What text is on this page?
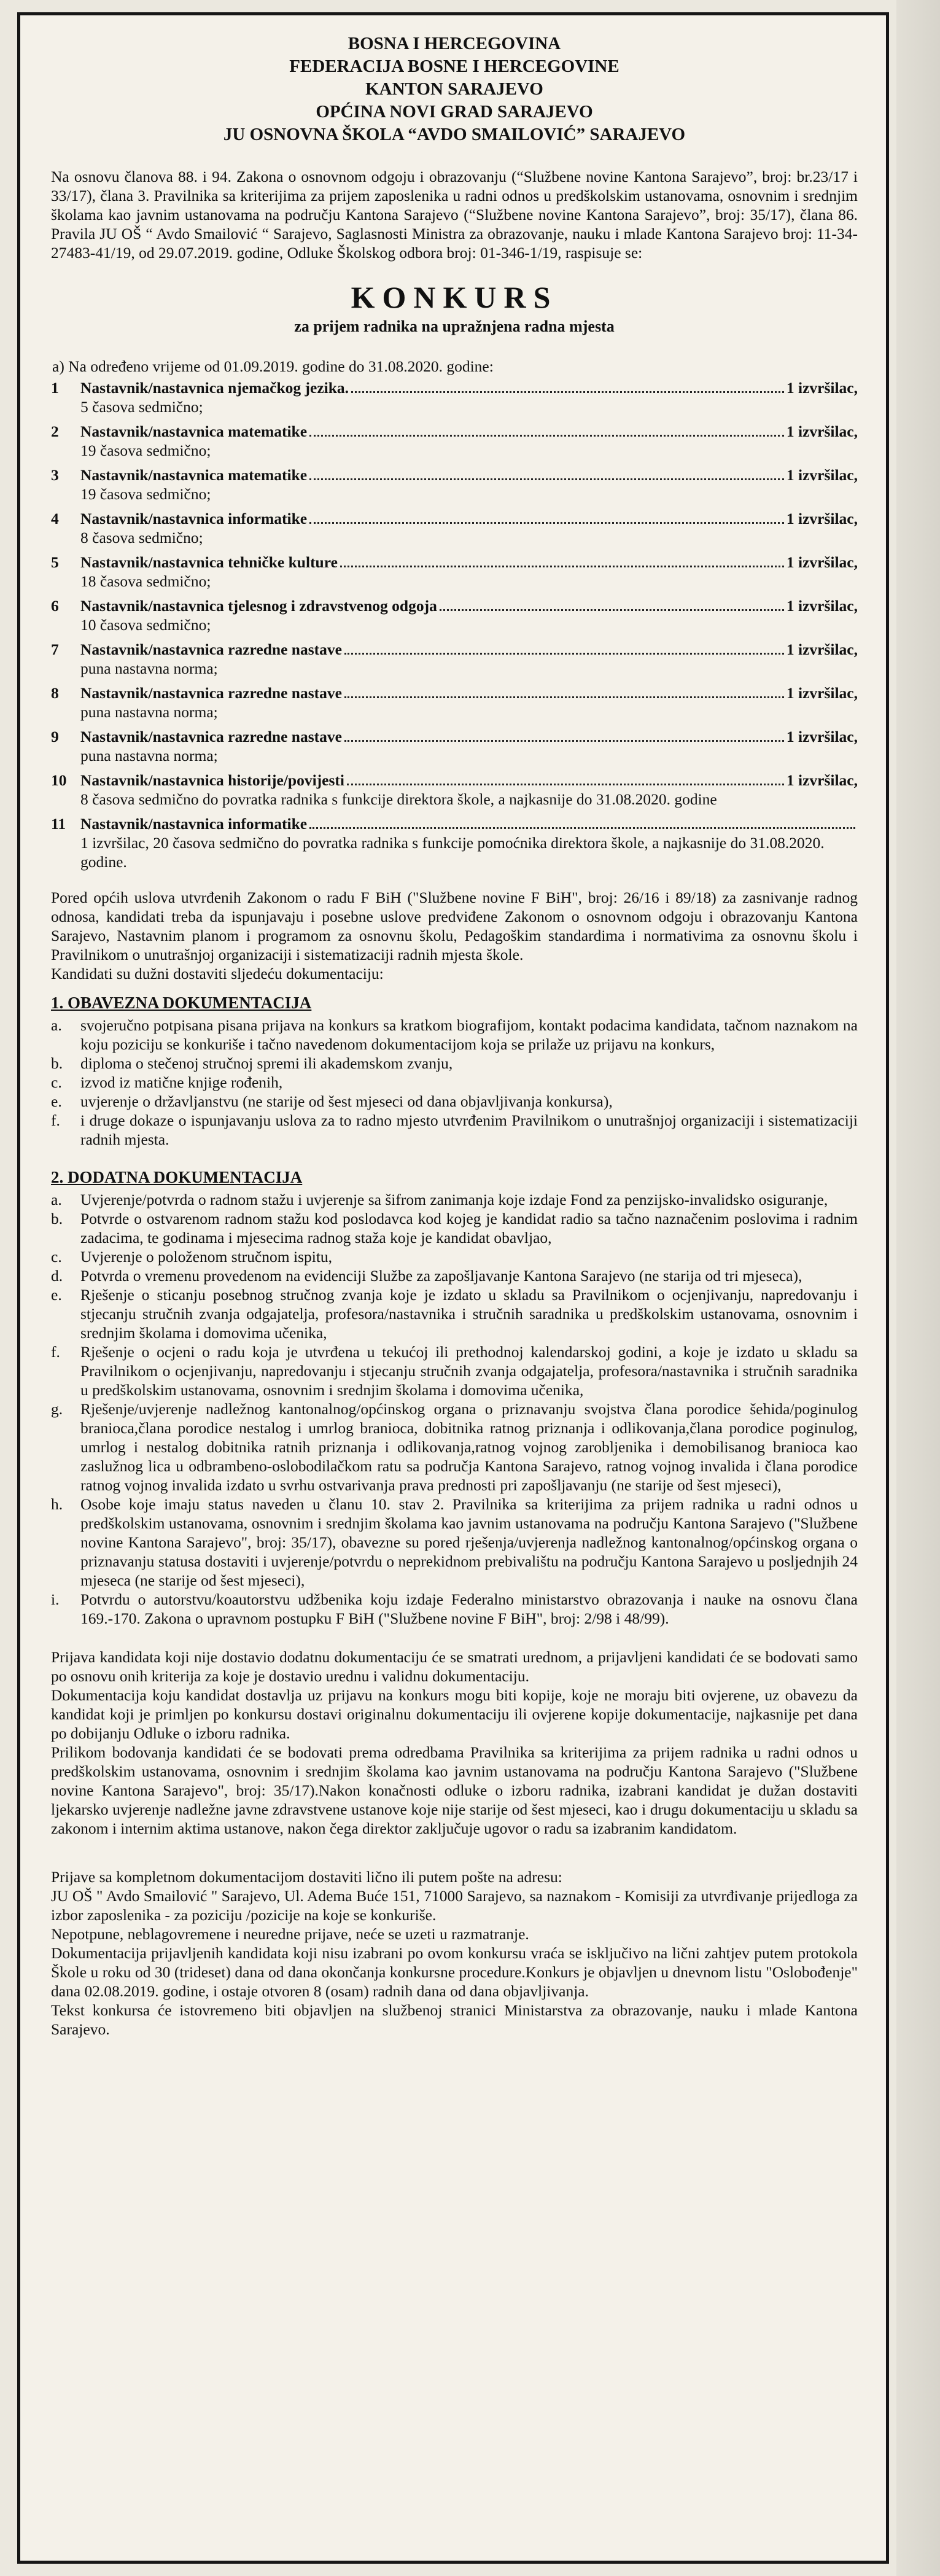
BOSNA I HERCEGOVINA
FEDERACIJA BOSNE I HERCEGOVINE
KANTON SARAJEVO
OPĆINA NOVI GRAD SARAJEVO
JU OSNOVNA ŠKOLA “AVDO SMAILOVIĆ” SARAJEVO

Na osnovu članova 88. i 94. Zakona o osnovnom odgoju i obrazovanju (“Službene novine Kantona Sarajevo”, broj: br.23/17 i 33/17), člana 3. Pravilnika sa kriterijima za prijem zaposlenika u radni odnos u predškolskim ustanovama, osnovnim i srednjim školama kao javnim ustanovama na području Kantona Sarajevo (“Službene novine Kantona Sarajevo”, broj: 35/17), člana 86. Pravila JU OŠ “ Avdo Smailović “ Sarajevo, Saglasnosti Ministra za obrazovanje, nauku i mlade Kantona Sarajevo broj: 11-34-27483-41/19, od 29.07.2019. godine, Odluke Školskog odbora broj: 01-346-1/19, raspisuje se:

KONKURS
za prijem radnika na upražnjena radna mjesta
a) Na određeno vrijeme od 01.09.2019. godine do 31.08.2020. godine:
1	Nastavnik/nastavnica njemačkog jezika.	1 izvršilac,
5 časova sedmično;
2	Nastavnik/nastavnica matematike	1 izvršilac,
19 časova sedmično;
3	Nastavnik/nastavnica matematike	1 izvršilac,
19 časova sedmično;
4	Nastavnik/nastavnica informatike	1 izvršilac,
8 časova sedmično;
5	Nastavnik/nastavnica tehničke kulture	1 izvršilac,
18 časova sedmično;
6	Nastavnik/nastavnica tjelesnog i zdravstvenog odgoja	1 izvršilac,
10 časova sedmično;
7	Nastavnik/nastavnica razredne nastave	1 izvršilac,
puna nastavna norma;
8	Nastavnik/nastavnica razredne nastave	1 izvršilac,
puna nastavna norma;
9	Nastavnik/nastavnica razredne nastave	1 izvršilac,
puna nastavna norma;
10 Nastavnik/nastavnica historije/povijesti	1 izvršilac,
8 časova sedmično do povratka radnika s funkcije direktora škole, a najkasnije do 31.08.2020. godine
11 Nastavnik/nastavnica informatike
1 izvršilac, 20 časova sedmično do povratka radnika s funkcije pomoćnika direktora škole, a najkasnije do 31.08.2020. godine.

Pored općih uslova utvrđenih Zakonom o radu F BiH ("Službene novine F BiH", broj: 26/16 i 89/18) za zasnivanje radnog odnosa, kandidati treba da ispunjavaju i posebne uslove predviđene Zakonom o osnovnom odgoju i obrazovanju Kantona Sarajevo, Nastavnim planom i programom za osnovnu školu, Pedagoškim standardima i normativima za osnovnu školu i Pravilnikom o unutrašnjoj organizaciji i sistematizaciji radnih mjesta škole.

Kandidati su dužni dostaviti sljedeću dokumentaciju:

1. OBAVEZNA DOKUMENTACIJA
a.	svojeručno potpisana pisana prijava na konkurs sa kratkom biografijom, kontakt podacima kandidata, tačnom naznakom na koju poziciju se konkuriše i tačno navedenom dokumentacijom koja se prilaže uz prijavu na konkurs,
b.	diploma o stečenoj stručnoj spremi ili akademskom zvanju,
c.	izvod iz matične knjige rođenih,
e.	uvjerenje o državljanstvu (ne starije od šest mjeseci od dana objavljivanja konkursa),
f.	i druge dokaze o ispunjavanju uslova za to radno mjesto utvrđenim Pravilnikom o unutrašnjoj organizaciji i sistematizaciji radnih mjesta.
2. DODATNA DOKUMENTACIJA
a.	Uvjerenje/potvrda o radnom stažu i uvjerenje sa šifrom zanimanja koje izdaje Fond za penzijsko-invalidsko osiguranje,
b.	Potvrde o ostvarenom radnom stažu kod poslodavca kod kojeg je kandidat radio sa tačno naznačenim poslovima i radnim zadacima, te godinama i mjesecima radnog staža koje je kandidat obavljao,
c.	Uvjerenje o položenom stručnom ispitu,
d.	Potvrda o vremenu provedenom na evidenciji Službe za zapošljavanje Kantona Sarajevo (ne starija od tri mjeseca),
e.	Rješenje o sticanju posebnog stručnog zvanja koje je izdato u skladu sa Pravilnikom o ocjenjivanju, napredovanju i stjecanju stručnih zvanja odgajatelja, profesora/nastavnika i stručnih saradnika u predškolskim ustanovama, osnovnim i srednjim školama i domovima učenika,
f.	Rješenje o ocjeni o radu koja je utvrđena u tekućoj ili prethodnoj kalendarskoj godini, a koje je izdato u skladu sa Pravilnikom o ocjenjivanju, napredovanju i stjecanju stručnih zvanja odgajatelja, profesora/nastavnika i stručnih saradnika u predškolskim ustanovama, osnovnim i srednjim školama i domovima učenika,
g.	Rješenje/uvjerenje nadležnog kantonalnog/općinskog organa o priznavanju svojstva člana porodice šehida/poginulog branioca,člana porodice nestalog i umrlog branioca, dobitnika ratnog priznanja i odlikovanja,člana porodice poginulog, umrlog i nestalog dobitnika ratnih priznanja i odlikovanja,ratnog vojnog zarobljenika i demobilisanog branioca kao zaslužnog lica u odbrambeno-oslobodilačkom ratu sa područja Kantona Sarajevo, ratnog vojnog invalida i člana porodice ratnog vojnog invalida izdato u svrhu ostvarivanja prava prednosti pri zapošljavanju (ne starije od šest mjeseci),
h.	Osobe koje imaju status naveden u članu 10. stav 2. Pravilnika sa kriterijima za prijem radnika u radni odnos u predškolskim ustanovama, osnovnim i srednjim školama kao javnim ustanovama na području Kantona Sarajevo ("Službene novine Kantona Sarajevo", broj: 35/17), obavezne su pored rješenja/uvjerenja nadležnog kantonalnog/općinskog organa o priznavanju statusa dostaviti i uvjerenje/potvrdu o neprekidnom prebivalištu na području Kantona Sarajevo u posljednjih 24 mjeseca (ne starije od šest mjeseci),
i.	Potvrdu o autorstvu/koautorstvu udžbenika koju izdaje Federalno ministarstvo obrazovanja i nauke na osnovu člana 169.-170. Zakona o upravnom postupku F BiH ("Službene novine F BiH", broj: 2/98 i 48/99).

Prijava kandidata koji nije dostavio dodatnu dokumentaciju će se smatrati urednom, a prijavljeni kandidati će se bodovati samo po osnovu onih kriterija za koje je dostavio urednu i validnu dokumentaciju.

Dokumentacija koju kandidat dostavlja uz prijavu na konkurs mogu biti kopije, koje ne moraju biti ovjerene, uz obavezu da kandidat koji je primljen po konkursu dostavi originalnu dokumentaciju ili ovjerene kopije dokumentacije, najkasnije pet dana po dobijanju Odluke o izboru radnika.

Prilikom bodovanja kandidati će se bodovati prema odredbama Pravilnika sa kriterijima za prijem radnika u radni odnos u predškolskim ustanovama, osnovnim i srednjim školama kao javnim ustanovama na području Kantona Sarajevo ("Službene novine Kantona Sarajevo", broj: 35/17).Nakon konačnosti odluke o izboru radnika, izabrani kandidat je dužan dostaviti ljekarsko uvjerenje nadležne javne zdravstvene ustanove koje nije starije od šest mjeseci, kao i drugu dokumentaciju u skladu sa zakonom i internim aktima ustanove, nakon čega direktor zaključuje ugovor o radu sa izabranim kandidatom.

Prijave sa kompletnom dokumentacijom dostaviti lično ili putem pošte na adresu:

JU OŠ " Avdo Smailović " Sarajevo, Ul. Adema Buće 151, 71000 Sarajevo, sa naznakom - Komisiji za utvrđivanje prijedloga za izbor zaposlenika - za poziciju /pozicije na koje se konkuriše.

Nepotpune, neblagovremene i neuredne prijave, neće se uzeti u razmatranje.

Dokumentacija prijavljenih kandidata koji nisu izabrani po ovom konkursu vraća se isključivo na lični zahtjev putem protokola Škole u roku od 30 (trideset) dana od dana okončanja konkursne procedure.Konkurs je objavljen u dnevnom listu "Oslobođenje" dana 02.08.2019. godine, i ostaje otvoren 8 (osam) radnih dana od dana objavljivanja.

Tekst konkursa će istovremeno biti objavljen na službenoj stranici Ministarstva za obrazovanje, nauku i mlade Kantona Sarajevo.
